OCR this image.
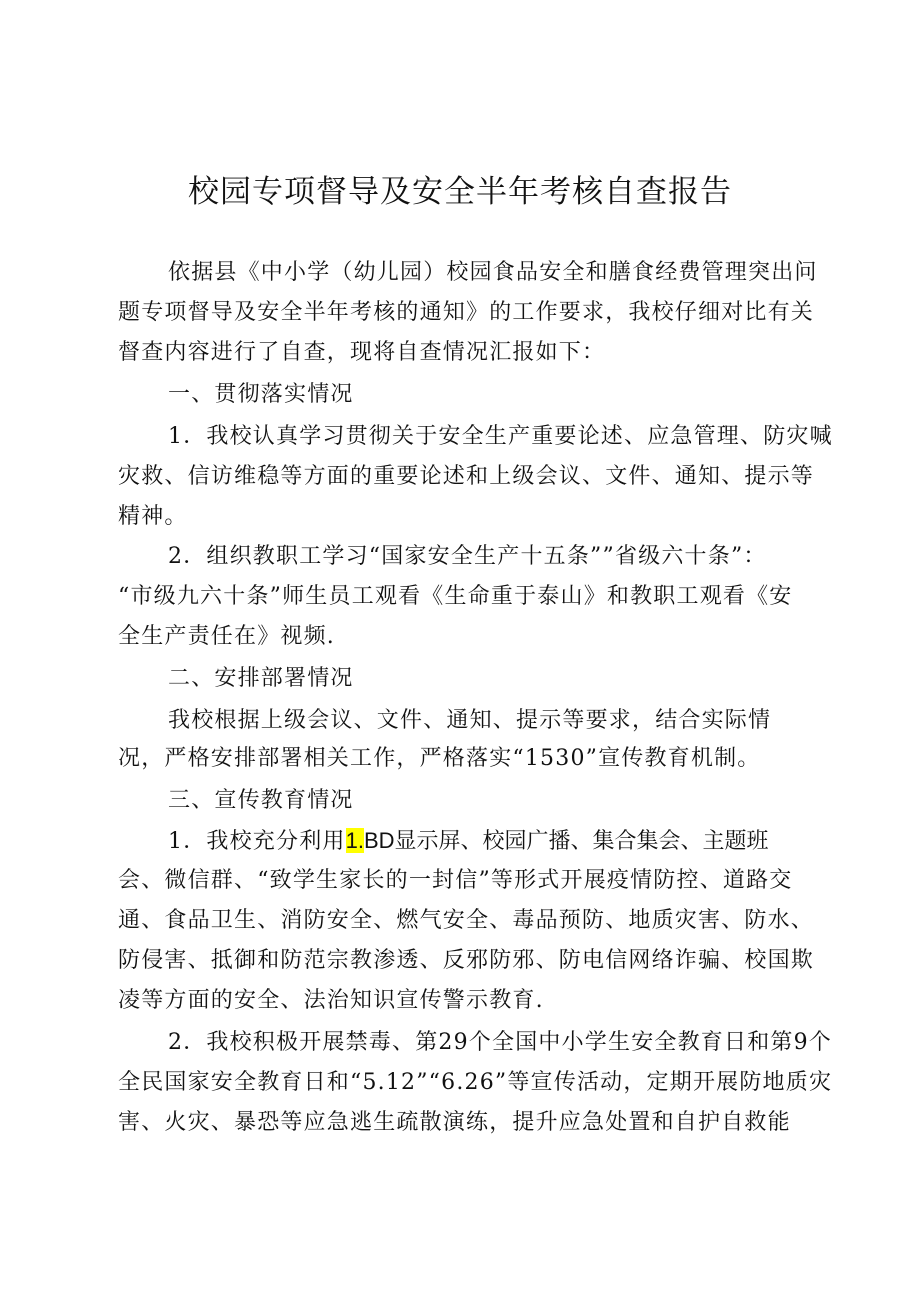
校园专项督导及安全半年考核自查报告
依据县《中小学（幼儿园）校园食品安全和膳食经费管理突出问
题专项督导及安全半年考核的通知》的工作要求，我校仔细对比有关
督查内容进行了自查，现将自查情况汇报如下：
一、贯彻落实情况
1．我校认真学习贯彻关于安全生产重要论述、应急管理、防灾喊
灾救、信访维稳等方面的重要论述和上级会议、文件、通知、提示等
精神。
2．组织教职工学习“国家安全生产十五条””省级六十条”：
“市级九六十条”师生员工观看《生命重于泰山》和教职工观看《安
全生产责任在》视频.
二、安排部署情况
我校根据上级会议、文件、通知、提示等要求，结合实际情
况，严格安排部署相关工作，严格落实“1530”宣传教育机制。
三、宣传教育情况
1．我校充分利用1.BD显示屏、校园广播、集合集会、主题班
会、微信群、“致学生家长的一封信”等形式开展疫情防控、道路交
通、食品卫生、消防安全、燃气安全、毒品预防、地质灾害、防水、
防侵害、抵御和防范宗教渗透、反邪防邪、防电信网络诈骗、校国欺
凌等方面的安全、法治知识宣传警示教育.
2．我校积极开展禁毒、第29个全国中小学生安全教育日和第9个
全民国家安全教育日和“5.12”“6.26”等宣传活动，定期开展防地质灾
害、火灾、暴恐等应急逃生疏散演练，提升应急处置和自护自救能
